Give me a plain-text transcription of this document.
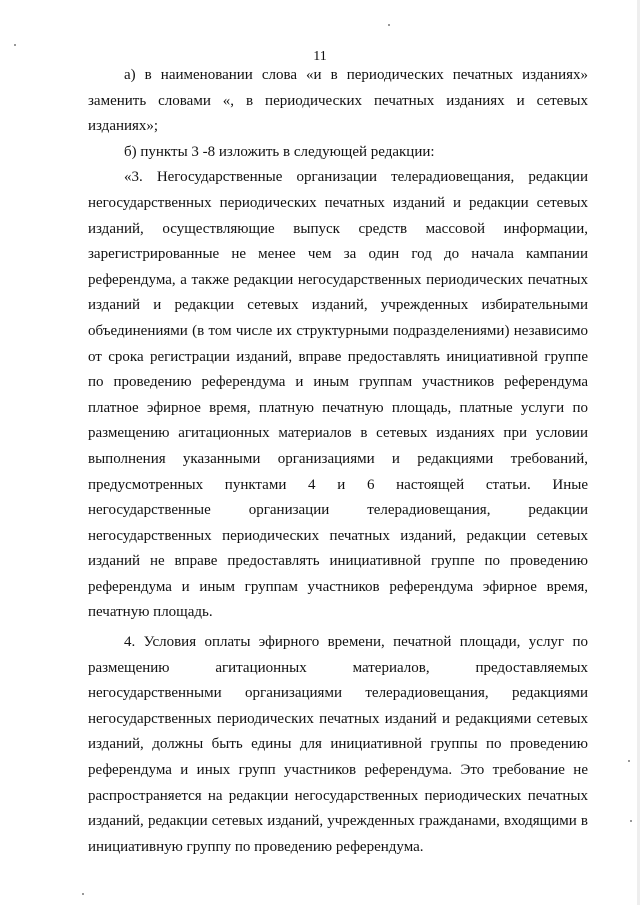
11

а) в наименовании слова «и в периодических печатных изданиях» заменить словами «, в периодических печатных изданиях и сетевых изданиях»;

б) пункты 3 -8 изложить в следующей редакции:

«3. Негосударственные организации телерадиовещания, редакции негосударственных периодических печатных изданий и редакции сетевых изданий, осуществляющие выпуск средств массовой информации, зарегистрированные не менее чем за один год до начала кампании референдума, а также редакции негосударственных периодических печатных изданий и редакции сетевых изданий, учрежденных избирательными объединениями (в том числе их структурными подразделениями) независимо от срока регистрации изданий, вправе предоставлять инициативной группе по проведению референдума и иным группам участников референдума платное эфирное время, платную печатную площадь, платные услуги по размещению агитационных материалов в сетевых изданиях при условии выполнения указанными организациями и редакциями требований, предусмотренных пунктами 4 и 6 настоящей статьи. Иные негосударственные организации телерадиовещания, редакции негосударственных периодических печатных изданий, редакции сетевых изданий не вправе предоставлять инициативной группе по проведению референдума и иным группам участников референдума эфирное время, печатную площадь.

4. Условия оплаты эфирного времени, печатной площади, услуг по размещению агитационных материалов, предоставляемых негосударственными организациями телерадиовещания, редакциями негосударственных периодических печатных изданий и редакциями сетевых изданий, должны быть едины для инициативной группы по проведению референдума и иных групп участников референдума. Это требование не распространяется на редакции негосударственных периодических печатных изданий, редакции сетевых изданий, учрежденных гражданами, входящими в инициативную группу по проведению референдума.
